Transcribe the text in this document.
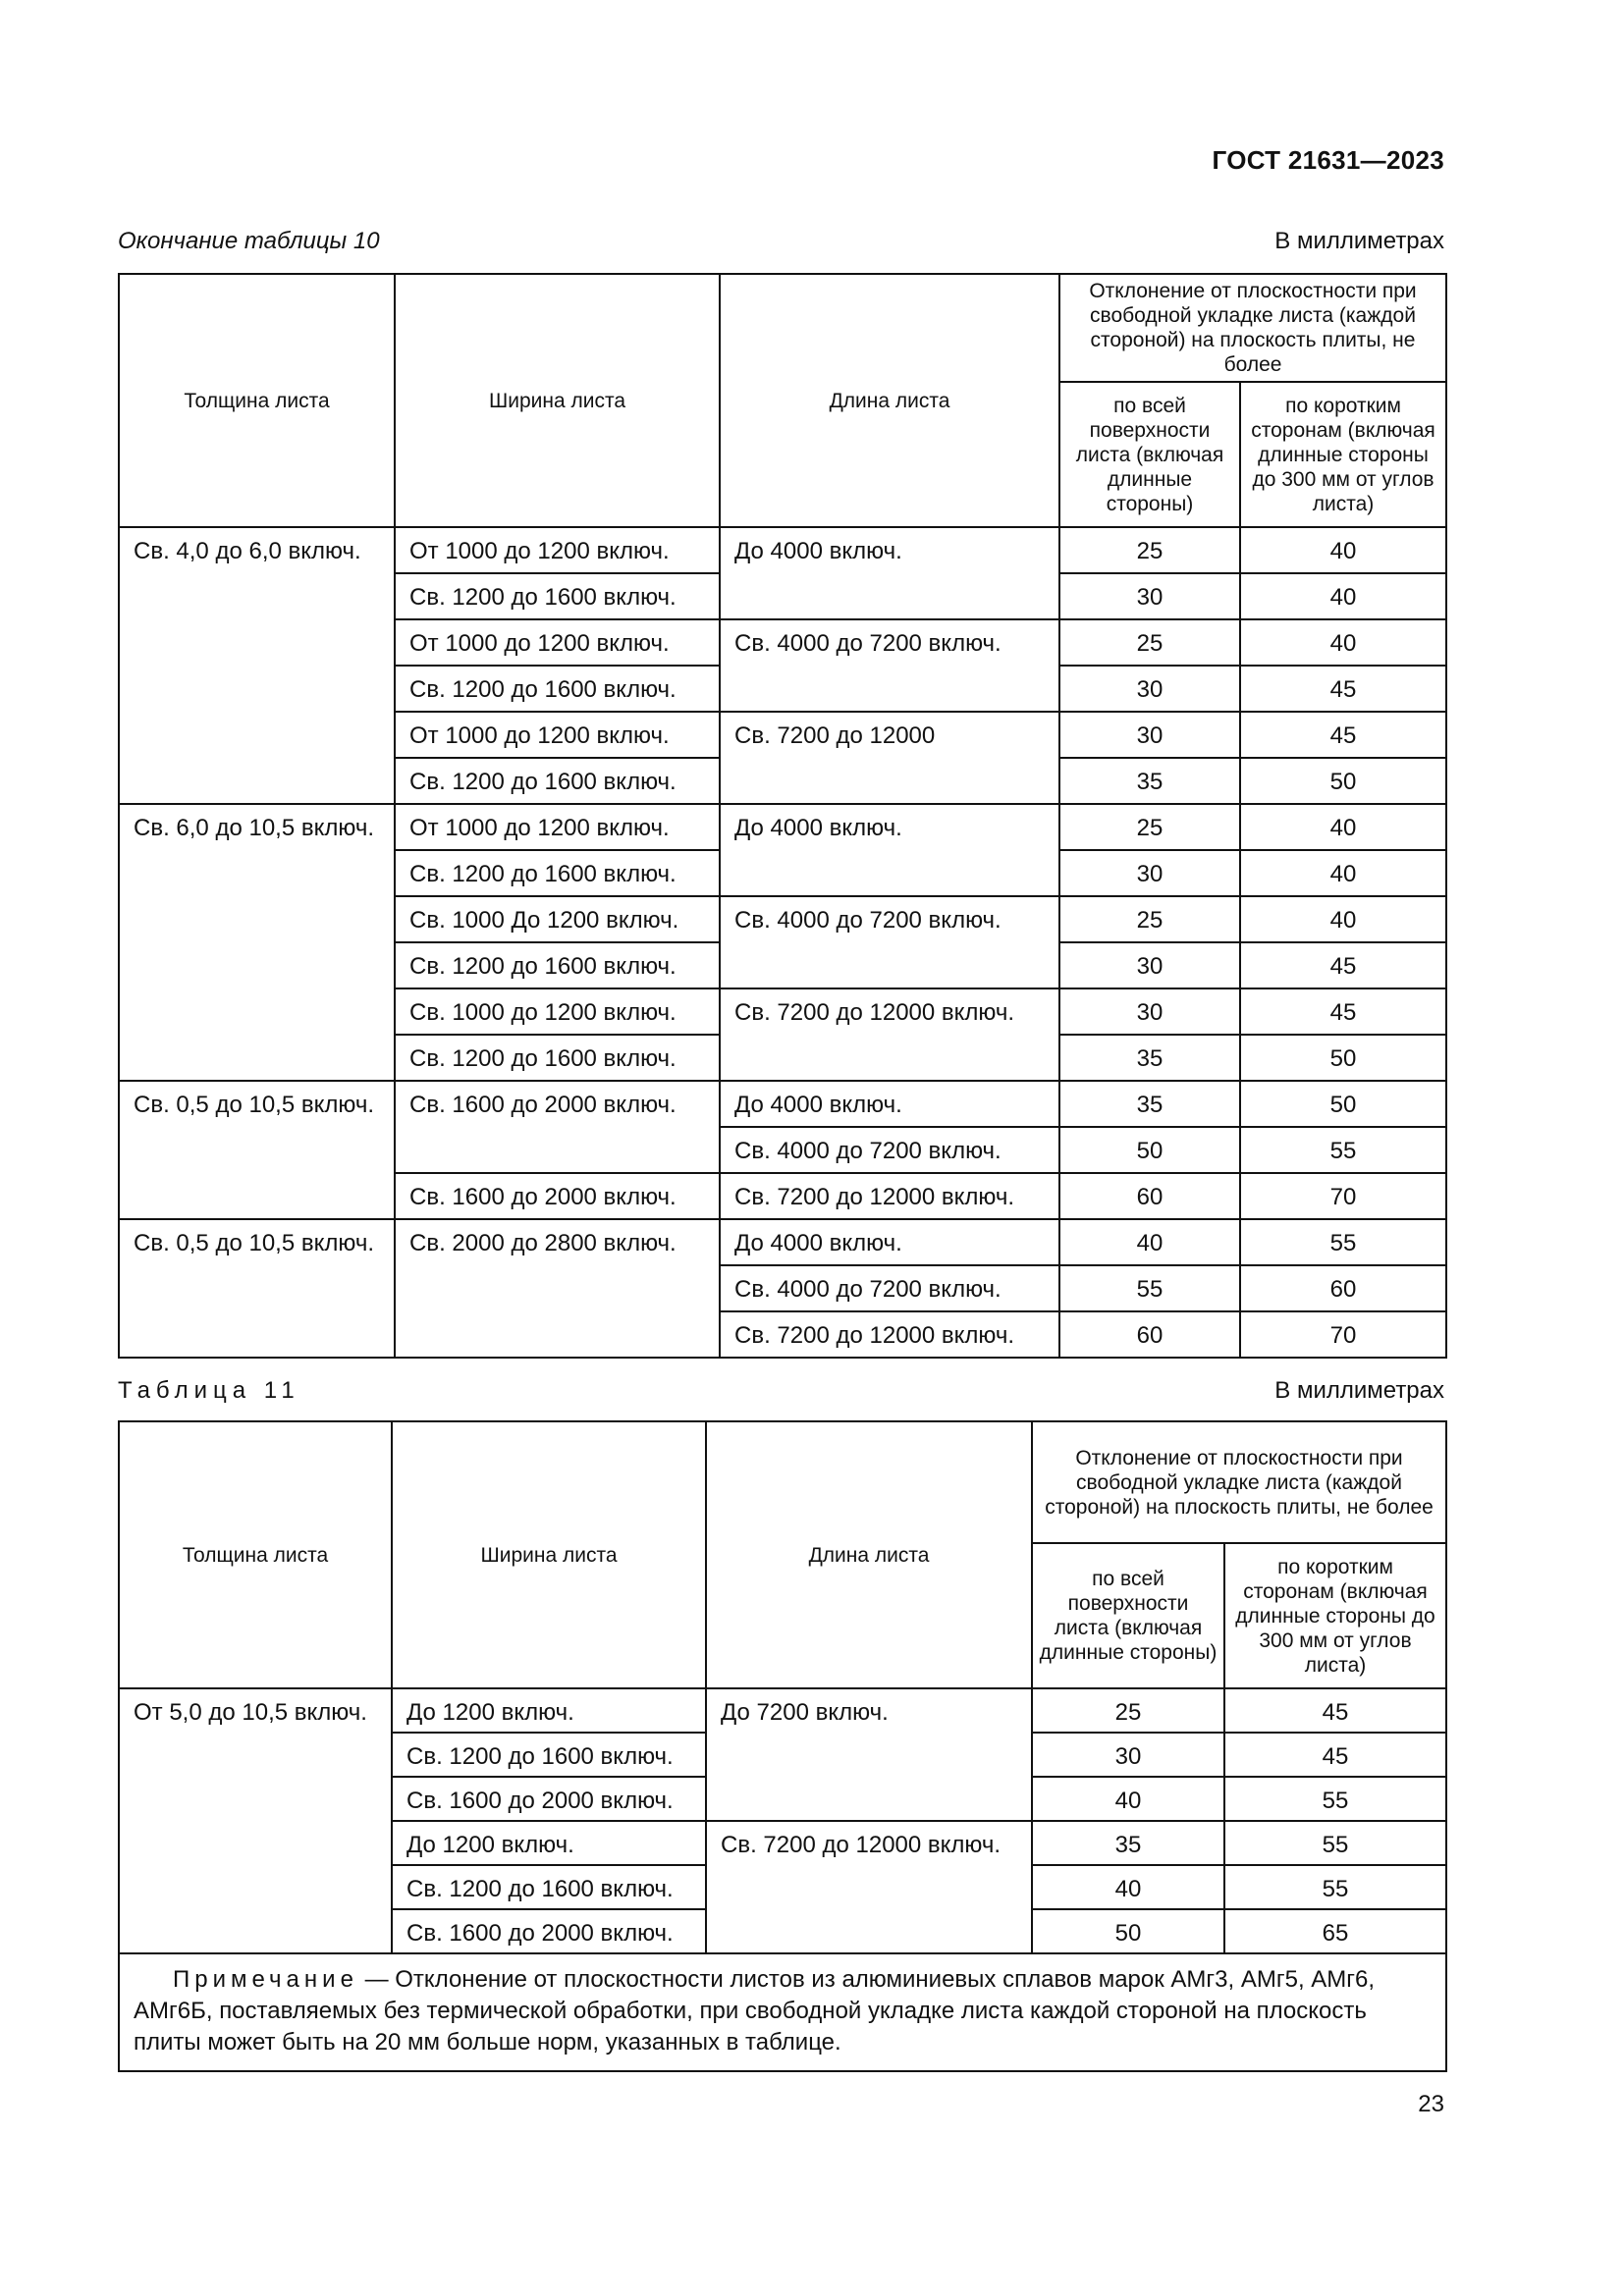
ГОСТ 21631—2023
Окончание таблицы 10	В миллиметрах
Толщина листа	Ширина листа	Длина листа	Отклонение от плоскостности при свободной укладке листа (каждой стороной) на плоскость плиты, не более	
			по всей поверхности листа (включая длинные стороны)	по коротким сторонам (включая длинные стороны до 300 мм от углов листа)
Св. 4,0 до 6,0 включ.	От 1000 до 1200 включ.	До 4000 включ.	25	40
	Св. 1200 до 1600 включ.		30	40
	От 1000 до 1200 включ.	Св. 4000 до 7200 включ.	25	40
	Св. 1200 до 1600 включ.		30	45
	От 1000 до 1200 включ.	Св. 7200 до 12000	30	45
	Св. 1200 до 1600 включ.		35	50
Св. 6,0 до 10,5 включ.	От 1000 до 1200 включ.	До 4000 включ.	25	40
	Св. 1200 до 1600 включ.		30	40
	Св. 1000 До 1200 включ.	Св. 4000 до 7200 включ.	25	40
	Св. 1200 до 1600 включ.		30	45
	Св. 1000 до 1200 включ.	Св. 7200 до 12000 включ.	30	45
	Св. 1200 до 1600 включ.		35	50
Св. 0,5 до 10,5 включ.	Св. 1600 до 2000 включ.	До 4000 включ.	35	50
		Св. 4000 до 7200 включ.	50	55
	Св. 1600 до 2000 включ.	Св. 7200 до 12000 включ.	60	70
Св. 0,5 до 10,5 включ.	Св. 2000 до 2800 включ.	До 4000 включ.	40	55
		Св. 4000 до 7200 включ.	55	60
		Св. 7200 до 12000 включ.	60	70
Таблица 11	В миллиметрах
Толщина листа	Ширина листа	Длина листа	Отклонение от плоскостности при свободной укладке листа (каждой стороной) на плоскость плиты, не более	
			по всей поверхности листа (включая длинные стороны)	по коротким сторонам (включая длинные стороны до 300 мм от углов листа)
От 5,0 до 10,5 включ.	До 1200 включ.	До 7200 включ.	25	45
	Св. 1200 до 1600 включ.		30	45
	Св. 1600 до 2000 включ.		40	55
	До 1200 включ.	Св. 7200 до 12000 включ.	35	55
	Св. 1200 до 1600 включ.		40	55
	Св. 1600 до 2000 включ.		50	65
Примечание — Отклонение от плоскостности листов из алюминиевых сплавов марок АМг3, АМг5, АМг6, АМг6Б, поставляемых без термической обработки, при свободной укладке листа каждой стороной на плоскость плиты может быть на 20 мм больше норм, указанных в таблице.				
23
